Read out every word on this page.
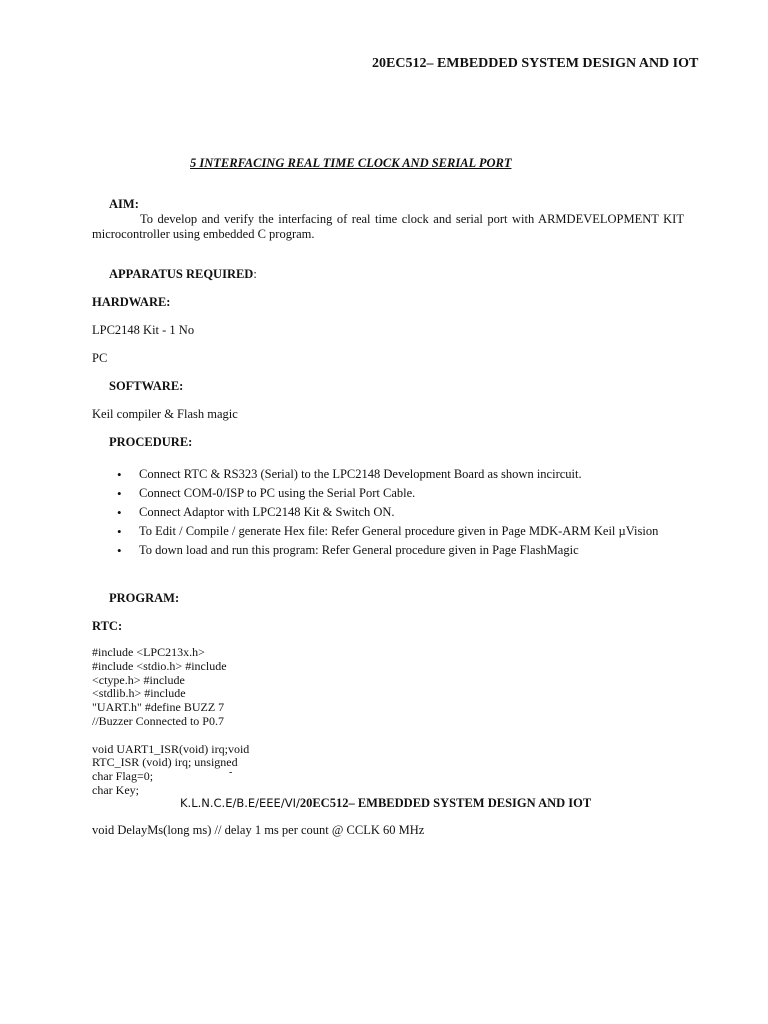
20EC512– EMBEDDED SYSTEM DESIGN AND IOT
5 INTERFACING REAL TIME CLOCK AND SERIAL PORT
AIM:
To develop and verify the interfacing of real time clock and serial port with ARMDEVELOPMENT KIT microcontroller using embedded C program.
APPARATUS REQUIRED:
HARDWARE:
LPC2148 Kit - 1 No
PC
SOFTWARE:
Keil compiler & Flash magic
PROCEDURE:
• Connect RTC & RS323 (Serial) to the LPC2148 Development Board as shown incircuit.
• Connect COM-0/ISP to PC using the Serial Port Cable.
• Connect Adaptor with LPC2148 Kit & Switch ON.
• To Edit / Compile / generate Hex file: Refer General procedure given in Page MDK-ARM Keil µVision
• To down load and run this program: Refer General procedure given in Page FlashMagic
PROGRAM:
RTC:
#include <LPC213x.h>
#include <stdio.h> #include
<ctype.h> #include
<stdlib.h> #include
"UART.h" #define BUZZ 7
//Buzzer Connected to P0.7

void UART1_ISR(void) irq;void
RTC_ISR (void) irq; unsigned
char Flag=0;
char Key;
-
K.L.N.C.E/B.E/EEE/VI/20EC512– EMBEDDED SYSTEM DESIGN AND IOT
void DelayMs(long ms) // delay 1 ms per count @ CCLK 60 MHz
